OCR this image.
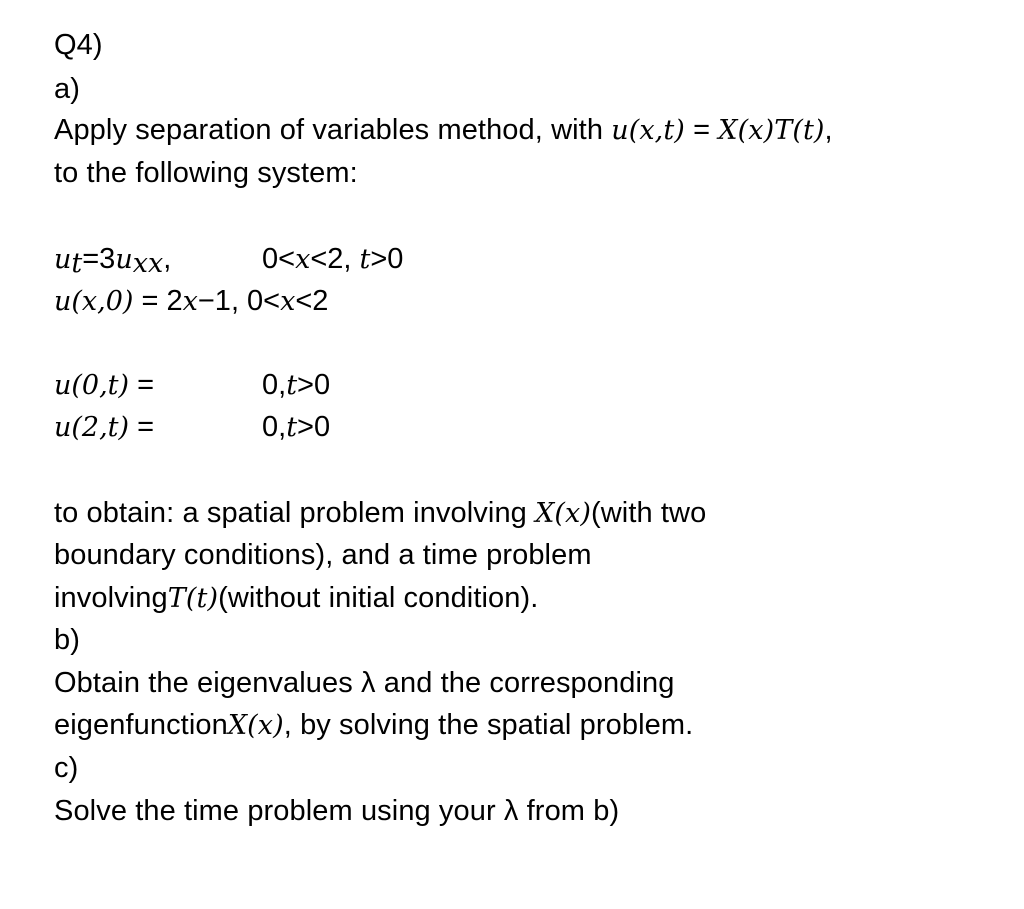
Q4)
a)
Apply separation of variables method, with u(x,t) = X(x)T(t),
to the following system:
$u_t=3u_{xx}$,	0<x<2, t>0
u(x,0) = 2x−1, 0<x<2
u(0,t) =	0,t>0
u(2,t) =	0,t>0
to obtain: a spatial problem involving X(x)(with two
boundary conditions), and a time problem
involvingT(t)(without initial condition).
b)
Obtain the eigenvalues λ and the corresponding
eigenfunctionX(x), by solving the spatial problem.
c)
Solve the time problem using your λ from b)
